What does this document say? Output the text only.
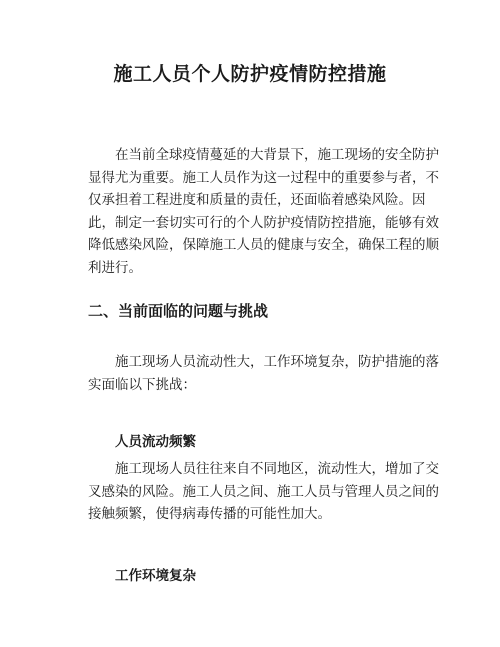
施工人员个人防护疫情防控措施

在当前全球疫情蔓延的大背景下，施工现场的安全防护显得尤为重要。施工人员作为这一过程中的重要参与者，不仅承担着工程进度和质量的责任，还面临着感染风险。因此，制定一套切实可行的个人防护疫情防控措施，能够有效降低感染风险，保障施工人员的健康与安全，确保工程的顺利进行。

二、当前面临的问题与挑战

施工现场人员流动性大，工作环境复杂，防护措施的落实面临以下挑战：

人员流动频繁

施工现场人员往往来自不同地区，流动性大，增加了交叉感染的风险。施工人员之间、施工人员与管理人员之间的接触频繁，使得病毒传播的可能性加大。

工作环境复杂
